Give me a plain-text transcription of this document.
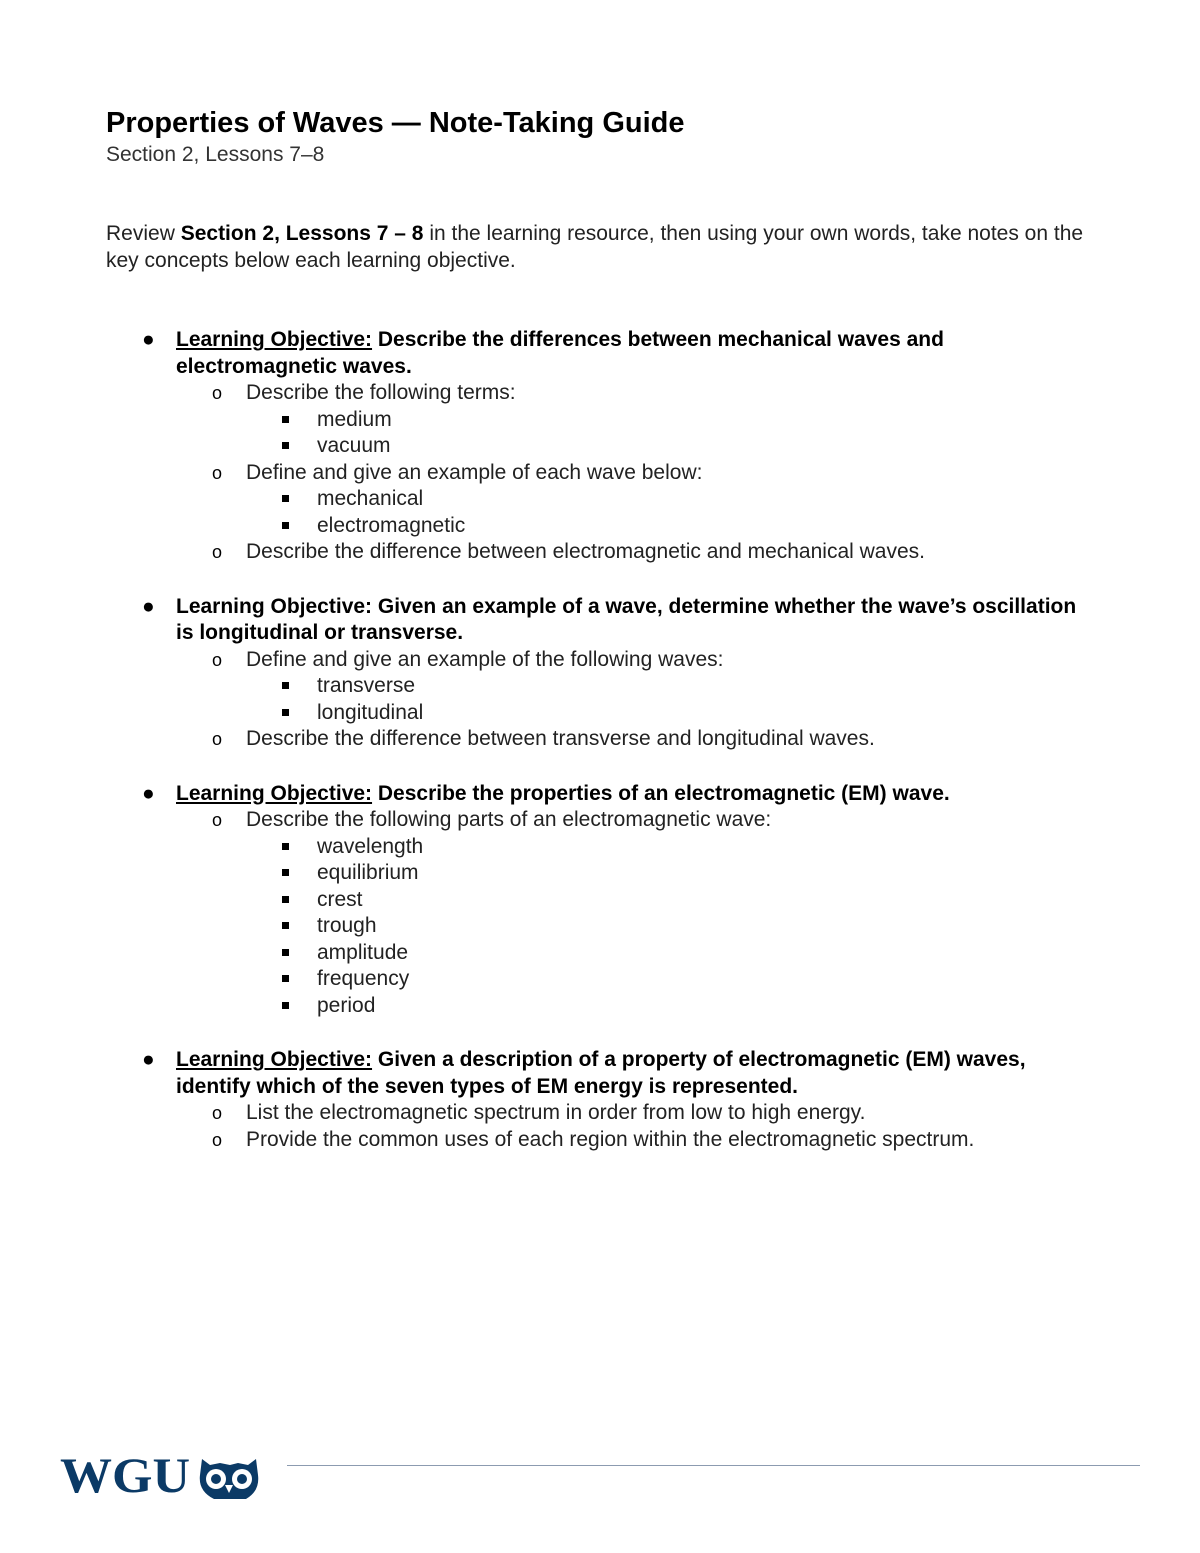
Properties of Waves — Note-Taking Guide
Section 2, Lessons 7–8
Review Section 2, Lessons 7 – 8 in the learning resource, then using your own words, take notes on the key concepts below each learning objective.
● Learning Objective: Describe the differences between mechanical waves and electromagnetic waves.
o Describe the following terms:
medium
vacuum
o Define and give an example of each wave below:
mechanical
electromagnetic
o Describe the difference between electromagnetic and mechanical waves.
● Learning Objective: Given an example of a wave, determine whether the wave’s oscillation is longitudinal or transverse.
o Define and give an example of the following waves:
transverse
longitudinal
o Describe the difference between transverse and longitudinal waves.
● Learning Objective: Describe the properties of an electromagnetic (EM) wave.
o Describe the following parts of an electromagnetic wave:
wavelength
equilibrium
crest
trough
amplitude
frequency
period
● Learning Objective: Given a description of a property of electromagnetic (EM) waves, identify which of the seven types of EM energy is represented.
o List the electromagnetic spectrum in order from low to high energy.
o Provide the common uses of each region within the electromagnetic spectrum.
WGU
